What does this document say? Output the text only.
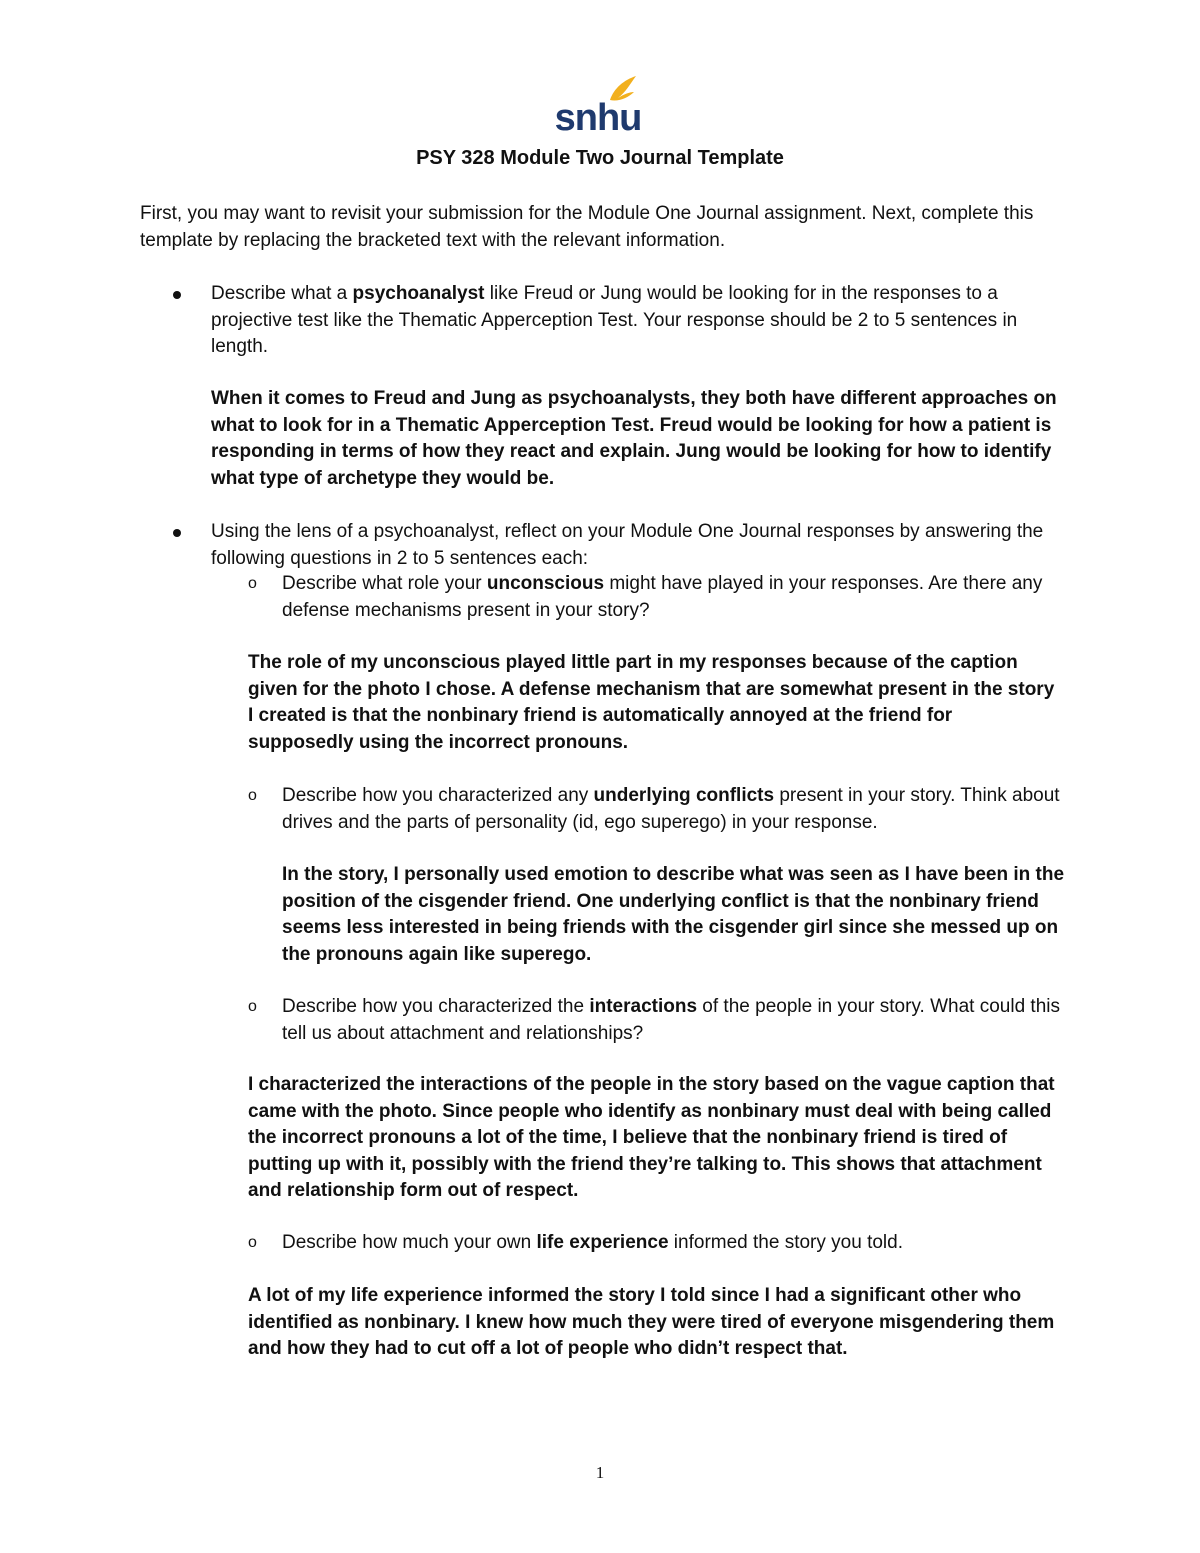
snhu
PSY 328 Module Two Journal Template

First, you may want to revisit your submission for the Module One Journal assignment. Next, complete this template by replacing the bracketed text with the relevant information.

Describe what a psychoanalyst like Freud or Jung would be looking for in the responses to a projective test like the Thematic Apperception Test. Your response should be 2 to 5 sentences in length.

When it comes to Freud and Jung as psychoanalysts, they both have different approaches on what to look for in a Thematic Apperception Test. Freud would be looking for how a patient is responding in terms of how they react and explain. Jung would be looking for how to identify what type of archetype they would be.

Using the lens of a psychoanalyst, reflect on your Module One Journal responses by answering the following questions in 2 to 5 sentences each:
o Describe what role your unconscious might have played in your responses. Are there any defense mechanisms present in your story?

The role of my unconscious played little part in my responses because of the caption given for the photo I chose. A defense mechanism that are somewhat present in the story I created is that the nonbinary friend is automatically annoyed at the friend for supposedly using the incorrect pronouns.

o Describe how you characterized any underlying conflicts present in your story. Think about drives and the parts of personality (id, ego superego) in your response.

In the story, I personally used emotion to describe what was seen as I have been in the position of the cisgender friend. One underlying conflict is that the nonbinary friend seems less interested in being friends with the cisgender girl since she messed up on the pronouns again like superego.

o Describe how you characterized the interactions of the people in your story. What could this tell us about attachment and relationships?

I characterized the interactions of the people in the story based on the vague caption that came with the photo. Since people who identify as nonbinary must deal with being called the incorrect pronouns a lot of the time, I believe that the nonbinary friend is tired of putting up with it, possibly with the friend they’re talking to. This shows that attachment and relationship form out of respect.

o Describe how much your own life experience informed the story you told.

A lot of my life experience informed the story I told since I had a significant other who identified as nonbinary. I knew how much they were tired of everyone misgendering them and how they had to cut off a lot of people who didn’t respect that.

1
